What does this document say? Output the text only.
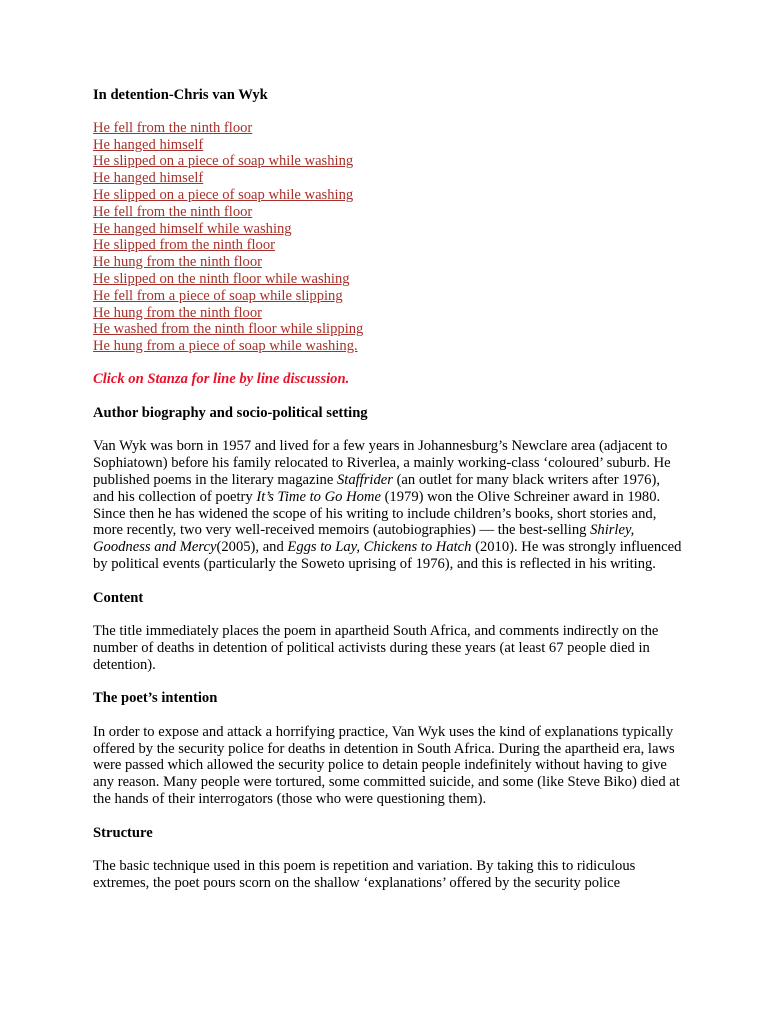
In detention-Chris van Wyk
He fell from the ninth floor
He hanged himself
He slipped on a piece of soap while washing
He hanged himself
He slipped on a piece of soap while washing
He fell from the ninth floor
He hanged himself while washing
He slipped from the ninth floor
He hung from the ninth floor
He slipped on the ninth floor while washing
He fell from a piece of soap while slipping
He hung from the ninth floor
He washed from the ninth floor while slipping
He hung from a piece of soap while washing.
Click on Stanza for line by line discussion.
Author biography and socio-political setting

Van Wyk was born in 1957 and lived for a few years in Johannesburg’s Newclare area (adjacent to Sophiatown) before his family relocated to Riverlea, a mainly working-class ‘coloured’ suburb. He published poems in the literary magazine Staffrider (an outlet for many black writers after 1976), and his collection of poetry It’s Time to Go Home (1979) won the Olive Schreiner award in 1980. Since then he has widened the scope of his writing to include children’s books, short stories and, more recently, two very well-received memoirs (autobiographies) — the best-selling Shirley, Goodness and Mercy(2005), and Eggs to Lay, Chickens to Hatch (2010). He was strongly influenced by political events (particularly the Soweto uprising of 1976), and this is reflected in his writing.

Content

The title immediately places the poem in apartheid South Africa, and comments indirectly on the number of deaths in detention of political activists during these years (at least 67 people died in detention).

The poet’s intention

In order to expose and attack a horrifying practice, Van Wyk uses the kind of explanations typically offered by the security police for deaths in detention in South Africa. During the apartheid era, laws were passed which allowed the security police to detain people indefinitely without having to give any reason. Many people were tortured, some committed suicide, and some (like Steve Biko) died at the hands of their interrogators (those who were questioning them).

Structure

The basic technique used in this poem is repetition and variation. By taking this to ridiculous extremes, the poet pours scorn on the shallow ‘explanations’ offered by the security police
